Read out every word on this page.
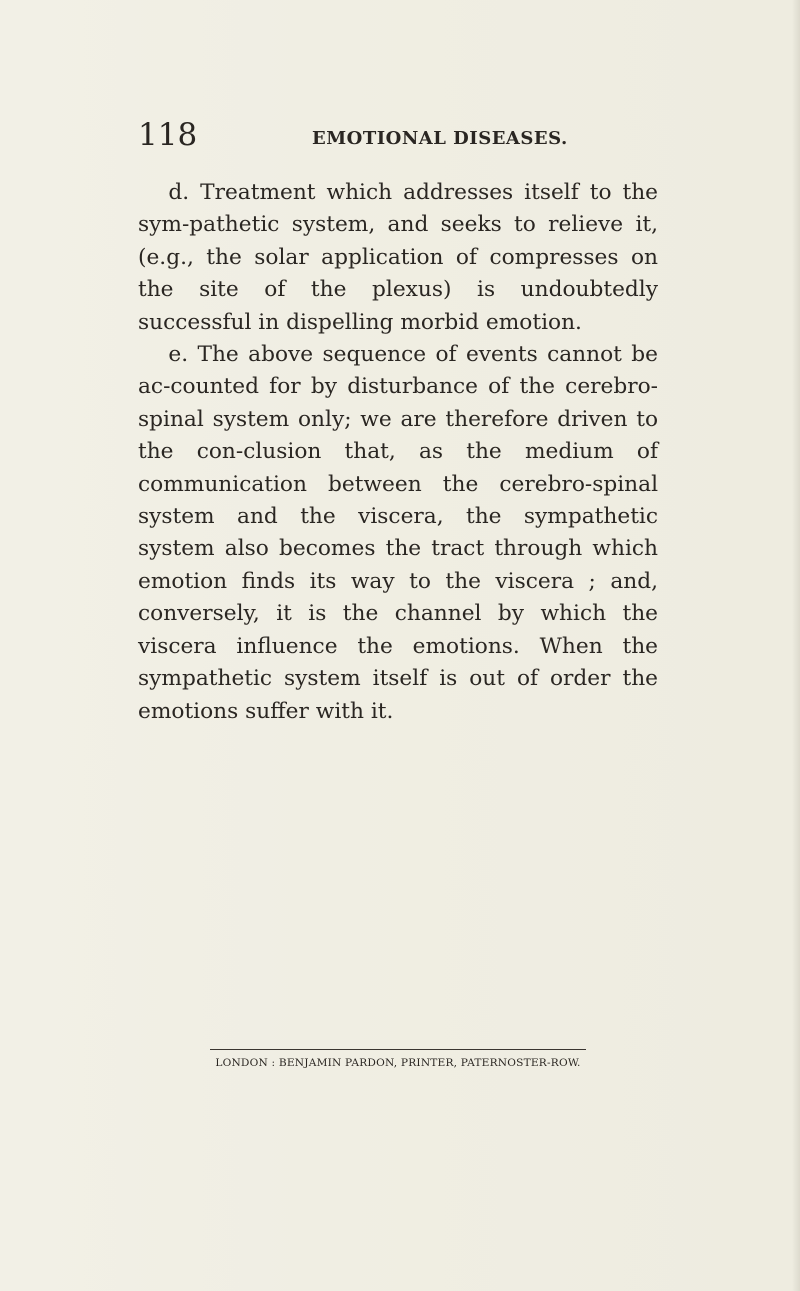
118	EMOTIONAL DISEASES.

d. Treatment which addresses itself to the sym-pathetic system, and seeks to relieve it, (e.g., the solar application of compresses on the site of the plexus) is undoubtedly successful in dispelling morbid emotion.

e. The above sequence of events cannot be ac-counted for by disturbance of the cerebro-spinal system only; we are therefore driven to the con-clusion that, as the medium of communication between the cerebro-spinal system and the viscera, the sympathetic system also becomes the tract through which emotion finds its way to the viscera ; and, conversely, it is the channel by which the viscera influence the emotions. When the sympathetic system itself is out of order the emotions suffer with it.

LONDON : BENJAMIN PARDON, PRINTER, PATERNOSTER-ROW.
